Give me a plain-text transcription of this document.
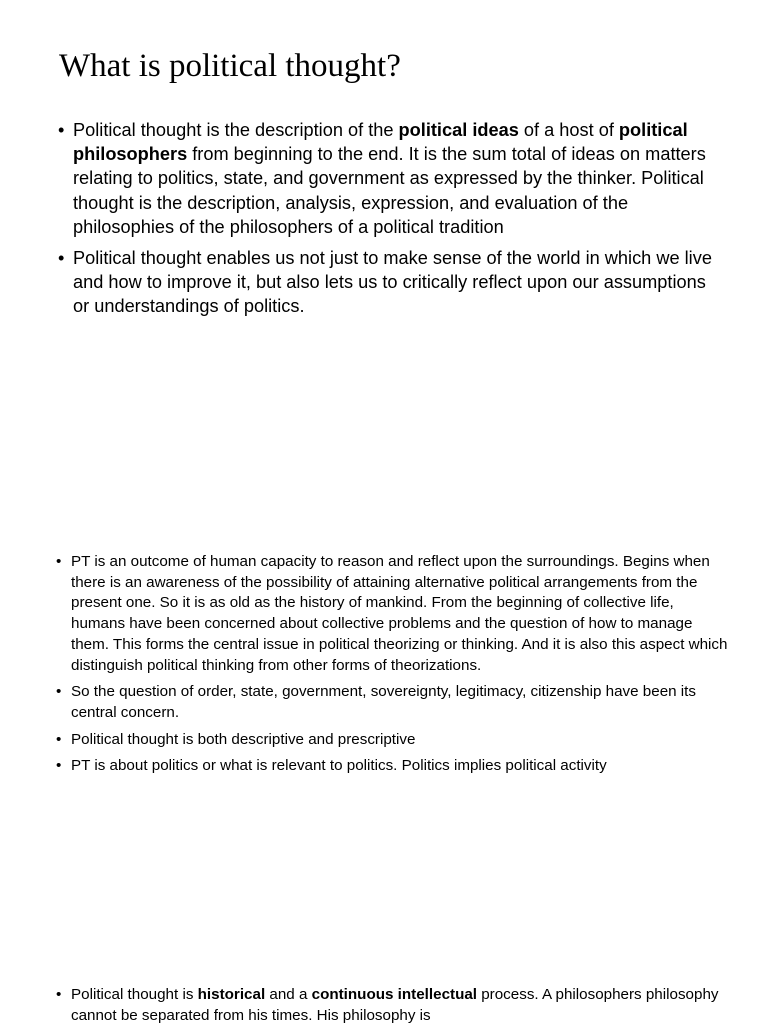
What is political thought?
• Political thought is the description of the political ideas of a host of political philosophers from beginning to the end. It is the sum total of ideas on matters relating to politics, state, and government as expressed by the thinker. Political thought is the description, analysis, expression, and evaluation of the philosophies of the philosophers of a political tradition
• Political thought enables us not just to make sense of the world in which we live and how to improve it, but also lets us to critically reflect upon our assumptions or understandings of politics.
• PT is an outcome of human capacity to reason and reflect upon the surroundings. Begins when there is an awareness of the possibility of attaining alternative political arrangements from the present one. So it is as old as the history of mankind. From the beginning of collective life, humans have been concerned about collective problems and the question of how to manage them. This forms the central issue in political theorizing or thinking. And it is also this aspect which distinguish political thinking from other forms of theorizations.
• So the question of order, state, government, sovereignty, legitimacy, citizenship have been its central concern.
• Political thought is both descriptive and prescriptive
• PT is about politics or what is relevant to politics. Politics implies political activity
• Political thought is historical and a continuous intellectual process. A philosophers philosophy cannot be separated from his times. His philosophy is
